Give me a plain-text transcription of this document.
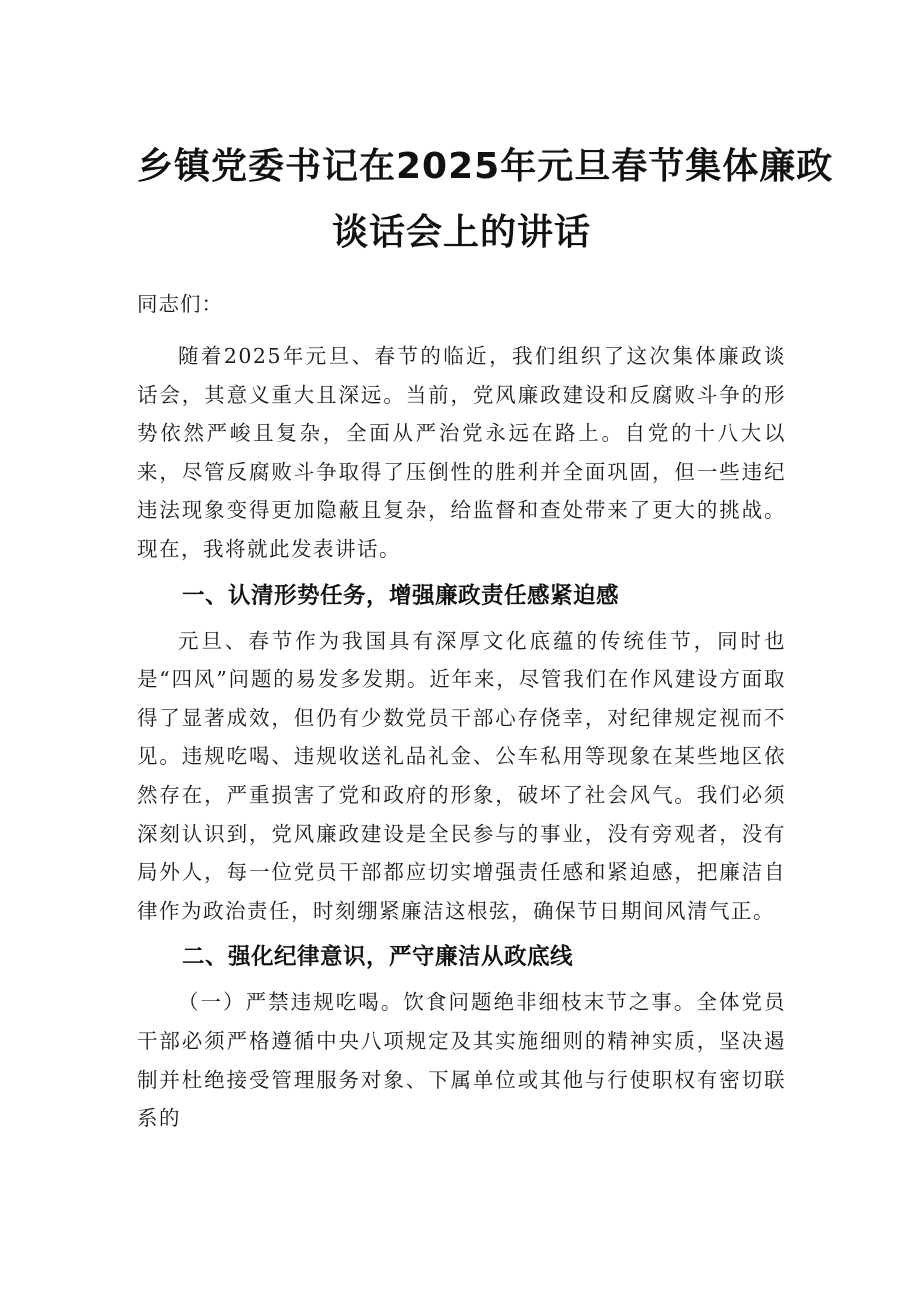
乡镇党委书记在2025年元旦春节集体廉政
谈话会上的讲话

同志们：

随着2025年元旦、春节的临近，我们组织了这次集体廉政谈话会，其意义重大且深远。当前，党风廉政建设和反腐败斗争的形势依然严峻且复杂，全面从严治党永远在路上。自党的十八大以来，尽管反腐败斗争取得了压倒性的胜利并全面巩固，但一些违纪违法现象变得更加隐蔽且复杂，给监督和查处带来了更大的挑战。现在，我将就此发表讲话。

一、认清形势任务，增强廉政责任感紧迫感

元旦、春节作为我国具有深厚文化底蕴的传统佳节，同时也是“四风”问题的易发多发期。近年来，尽管我们在作风建设方面取得了显著成效，但仍有少数党员干部心存侥幸，对纪律规定视而不见。违规吃喝、违规收送礼品礼金、公车私用等现象在某些地区依然存在，严重损害了党和政府的形象，破坏了社会风气。我们必须深刻认识到，党风廉政建设是全民参与的事业，没有旁观者，没有局外人，每一位党员干部都应切实增强责任感和紧迫感，把廉洁自律作为政治责任，时刻绷紧廉洁这根弦，确保节日期间风清气正。

二、强化纪律意识，严守廉洁从政底线

（一）严禁违规吃喝。饮食问题绝非细枝末节之事。全体党员干部必须严格遵循中央八项规定及其实施细则的精神实质，坚决遏制并杜绝接受管理服务对象、下属单位或其他与行使职权有密切联系的
